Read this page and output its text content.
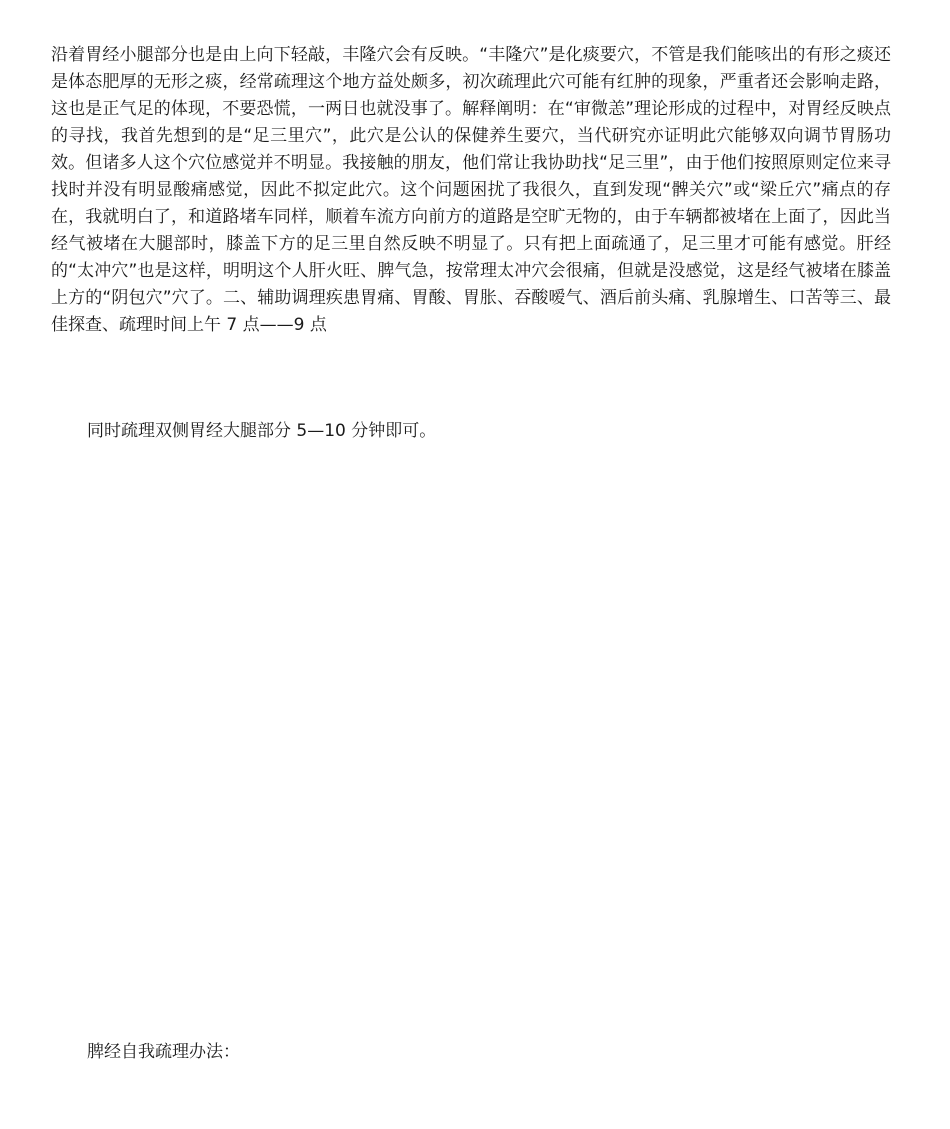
沿着胃经小腿部分也是由上向下轻敲，丰隆穴会有反映。“丰隆穴”是化痰要穴，不管是我们能咳出的有形之痰还是体态肥厚的无形之痰，经常疏理这个地方益处颇多，初次疏理此穴可能有红肿的现象，严重者还会影响走路，这也是正气足的体现，不要恐慌，一两日也就没事了。解释阐明：在“审微恙”理论形成的过程中，对胃经反映点的寻找，我首先想到的是“足三里穴”，此穴是公认的保健养生要穴，当代研究亦证明此穴能够双向调节胃肠功效。但诸多人这个穴位感觉并不明显。我接触的朋友，他们常让我协助找“足三里”，由于他们按照原则定位来寻找时并没有明显酸痛感觉，因此不拟定此穴。这个问题困扰了我很久，直到发现“髀关穴”或“梁丘穴”痛点的存在，我就明白了，和道路堵车同样，顺着车流方向前方的道路是空旷无物的，由于车辆都被堵在上面了，因此当经气被堵在大腿部时，膝盖下方的足三里自然反映不明显了。只有把上面疏通了，足三里才可能有感觉。肝经的“太冲穴”也是这样，明明这个人肝火旺、脾气急，按常理太冲穴会很痛，但就是没感觉，这是经气被堵在膝盖上方的“阴包穴”穴了。二、辅助调理疾患胃痛、胃酸、胃胀、吞酸嗳气、酒后前头痛、乳腺增生、口苦等三、最佳探查、疏理时间上午 7 点——9 点

同时疏理双侧胃经大腿部分 5—10 分钟即可。

脾经自我疏理办法：
